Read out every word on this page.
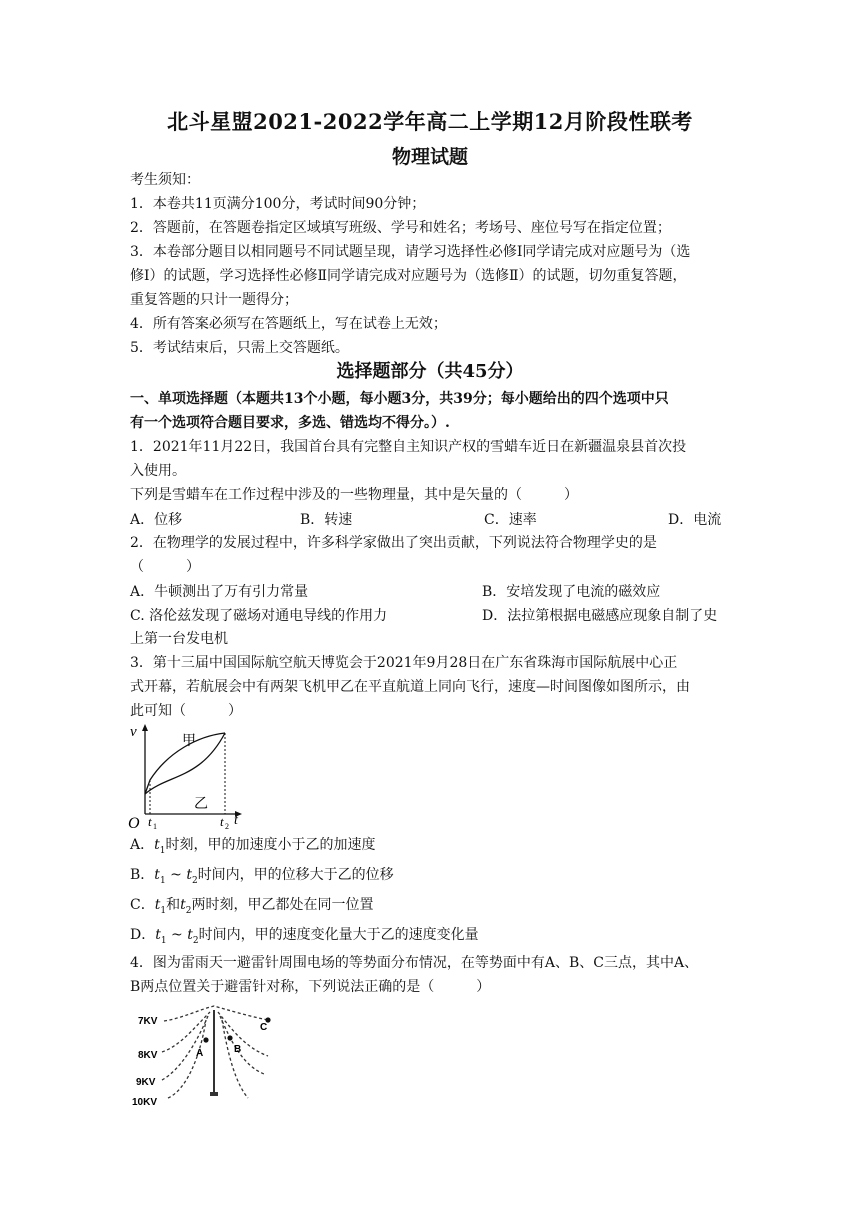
北斗星盟2021-2022学年高二上学期12月阶段性联考
物理试题
考生须知：
1．本卷共11页满分100分，考试时间90分钟；
2．答题前，在答题卷指定区域填写班级、学号和姓名；考场号、座位号写在指定位置；
3．本卷部分题目以相同题号不同试题呈现，请学习选择性必修Ⅰ同学请完成对应题号为（选
修Ⅰ）的试题，学习选择性必修Ⅱ同学请完成对应题号为（选修Ⅱ）的试题，切勿重复答题，
重复答题的只计一题得分；
4．所有答案必须写在答题纸上，写在试卷上无效；
5．考试结束后，只需上交答题纸。
选择题部分（共45分）
一、单项选择题（本题共13个小题，每小题3分，共39分；每小题给出的四个选项中只
有一个选项符合题目要求，多选、错选均不得分。）.
1．2021年11月22日，我国首台具有完整自主知识产权的雪蜡车近日在新疆温泉县首次投
入使用。
下列是雪蜡车在工作过程中涉及的一些物理量，其中是矢量的（　　　）
A．位移	B．转速	C．速率	D．电流
2．在物理学的发展过程中，许多科学家做出了突出贡献，下列说法符合物理学史的是
（　　　）
A．牛顿测出了万有引力常量	B．安培发现了电流的磁效应
C. 洛伦兹发现了磁场对通电导线的作用力	D．法拉第根据电磁感应现象自制了史
上第一台发电机
3．第十三届中国国际航空航天博览会于2021年9月28日在广东省珠海市国际航展中心正
式开幕，若航展会中有两架飞机甲乙在平直航道上同向飞行，速度—时间图像如图所示，由
此可知（　　　）
v
O t 1	t 2 t
甲
乙
A．$t_1$时刻，甲的加速度小于乙的加速度
B．$t_1$ ~ $t_2$时间内，甲的位移大于乙的位移
C．$t_1$和$t_2$两时刻，甲乙都处在同一位置
D．$t_1$ ~ $t_2$时间内，甲的速度变化量大于乙的速度变化量
4．图为雷雨天一避雷针周围电场的等势面分布情况，在等势面中有A、B、C三点，其中A、
B两点位置关于避雷针对称，下列说法正确的是（　　　）
C
A	B
7KV
8KV
9KV
10KV
